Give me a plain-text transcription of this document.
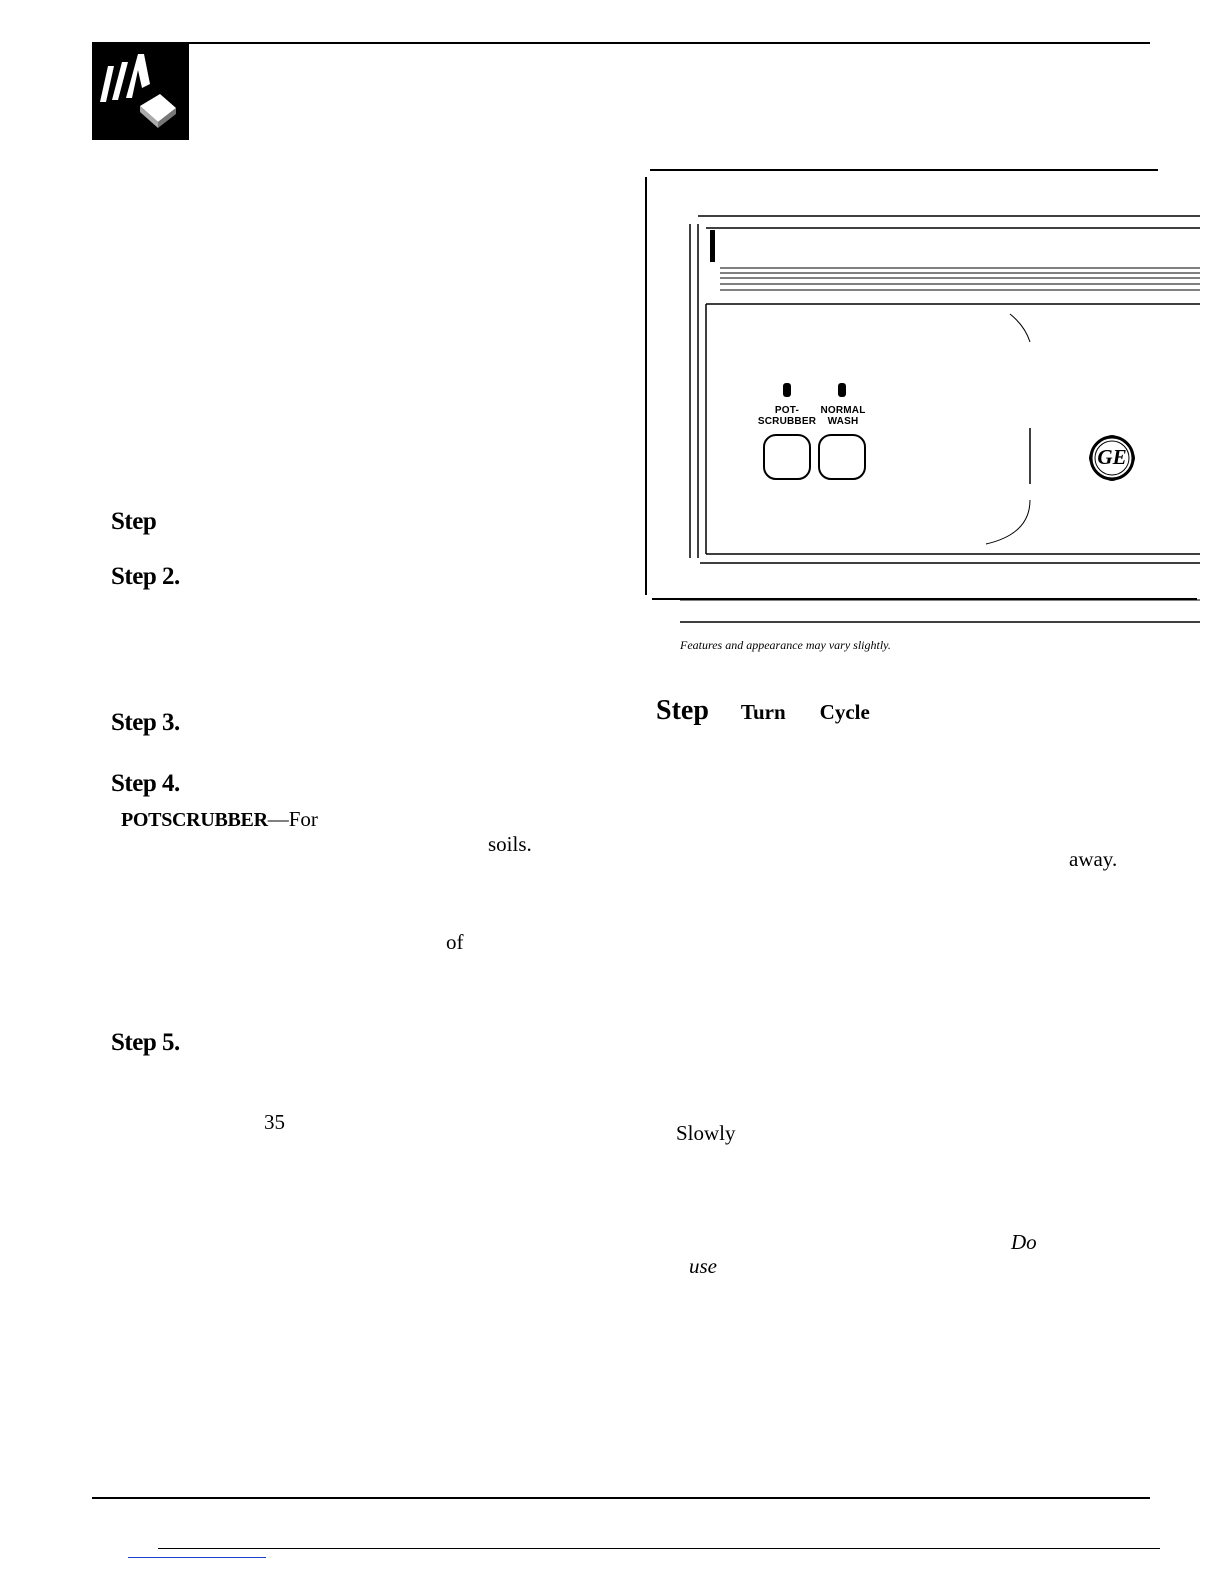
Step
Step 2.
Step 3.
Step 4.
POTSCRUBBER—For
soils.
of
Step 5.
35
POT-
SCRUBBER
NORMAL
WASH
GE
Features and appearance may vary slightly.
Step Turn Cycle
away.
Slowly
Do
use
